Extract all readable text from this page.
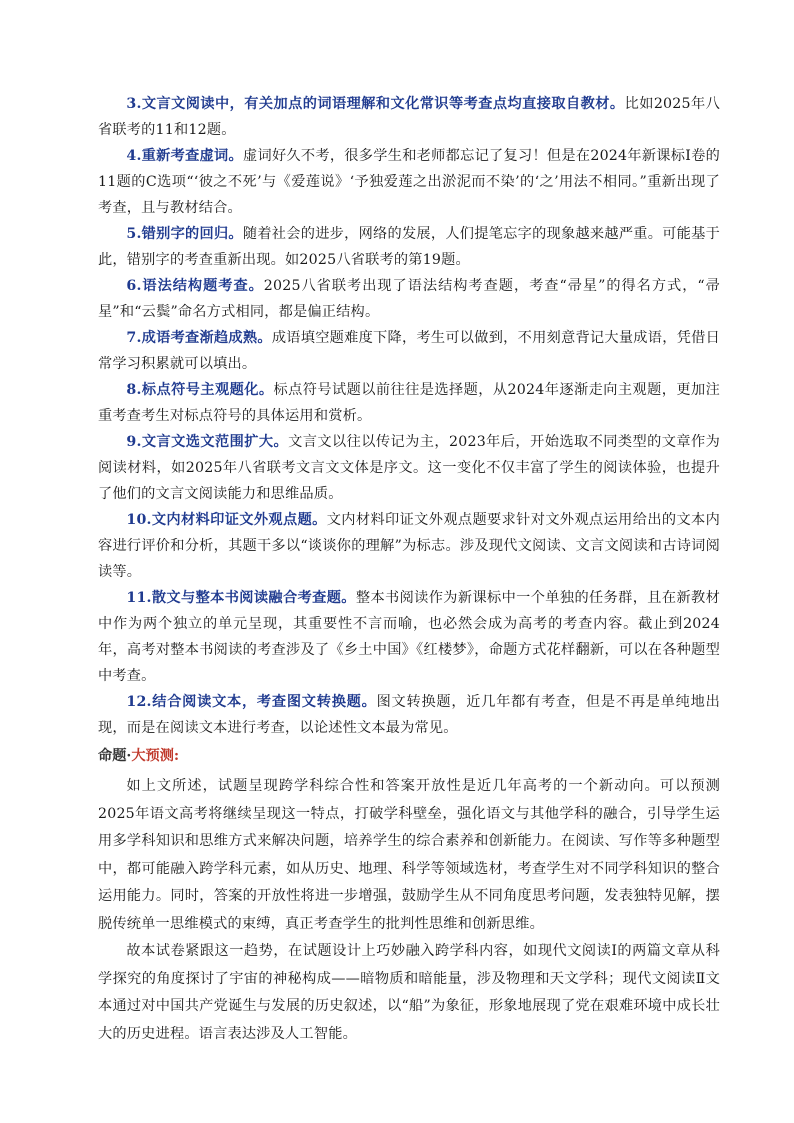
3.文言文阅读中，有关加点的词语理解和文化常识等考查点均直接取自教材。比如2025年八省联考的11和12题。

4.重新考查虚词。虚词好久不考，很多学生和老师都忘记了复习！但是在2024年新课标Ⅰ卷的11题的C选项“‘彼之不死’与《爱莲说》‘予独爱莲之出淤泥而不染’的‘之’用法不相同。”重新出现了考查，且与教材结合。

5.错别字的回归。随着社会的进步，网络的发展，人们提笔忘字的现象越来越严重。可能基于此，错别字的考查重新出现。如2025八省联考的第19题。

6.语法结构题考查。2025八省联考出现了语法结构考查题，考查“帚星”的得名方式，“帚星”和“云鬓”命名方式相同，都是偏正结构。

7.成语考查渐趋成熟。成语填空题难度下降，考生可以做到，不用刻意背记大量成语，凭借日常学习积累就可以填出。

8.标点符号主观题化。标点符号试题以前往往是选择题，从2024年逐渐走向主观题，更加注重考查考生对标点符号的具体运用和赏析。

9.文言文选文范围扩大。文言文以往以传记为主，2023年后，开始选取不同类型的文章作为阅读材料，如2025年八省联考文言文文体是序文。这一变化不仅丰富了学生的阅读体验，也提升了他们的文言文阅读能力和思维品质。

10.文内材料印证文外观点题。文内材料印证文外观点题要求针对文外观点运用给出的文本内容进行评价和分析，其题干多以“谈谈你的理解”为标志。涉及现代文阅读、文言文阅读和古诗词阅读等。

11.散文与整本书阅读融合考查题。整本书阅读作为新课标中一个单独的任务群，且在新教材中作为两个独立的单元呈现，其重要性不言而喻，也必然会成为高考的考查内容。截止到2024年，高考对整本书阅读的考查涉及了《乡土中国》《红楼梦》，命题方式花样翻新，可以在各种题型中考查。

12.结合阅读文本，考查图文转换题。图文转换题，近几年都有考查，但是不再是单纯地出现，而是在阅读文本进行考查，以论述性文本最为常见。

命题·大预测:

如上文所述，试题呈现跨学科综合性和答案开放性是近几年高考的一个新动向。可以预测2025年语文高考将继续呈现这一特点，打破学科壁垒，强化语文与其他学科的融合，引导学生运用多学科知识和思维方式来解决问题，培养学生的综合素养和创新能力。在阅读、写作等多种题型中，都可能融入跨学科元素，如从历史、地理、科学等领域选材，考查学生对不同学科知识的整合运用能力。同时，答案的开放性将进一步增强，鼓励学生从不同角度思考问题，发表独特见解，摆脱传统单一思维模式的束缚，真正考查学生的批判性思维和创新思维。

故本试卷紧跟这一趋势，在试题设计上巧妙融入跨学科内容，如现代文阅读Ⅰ的两篇文章从科学探究的角度探讨了宇宙的神秘构成——暗物质和暗能量，涉及物理和天文学科；现代文阅读Ⅱ文本通过对中国共产党诞生与发展的历史叙述，以“船”为象征，形象地展现了党在艰难环境中成长壮大的历史进程。语言表达涉及人工智能。
